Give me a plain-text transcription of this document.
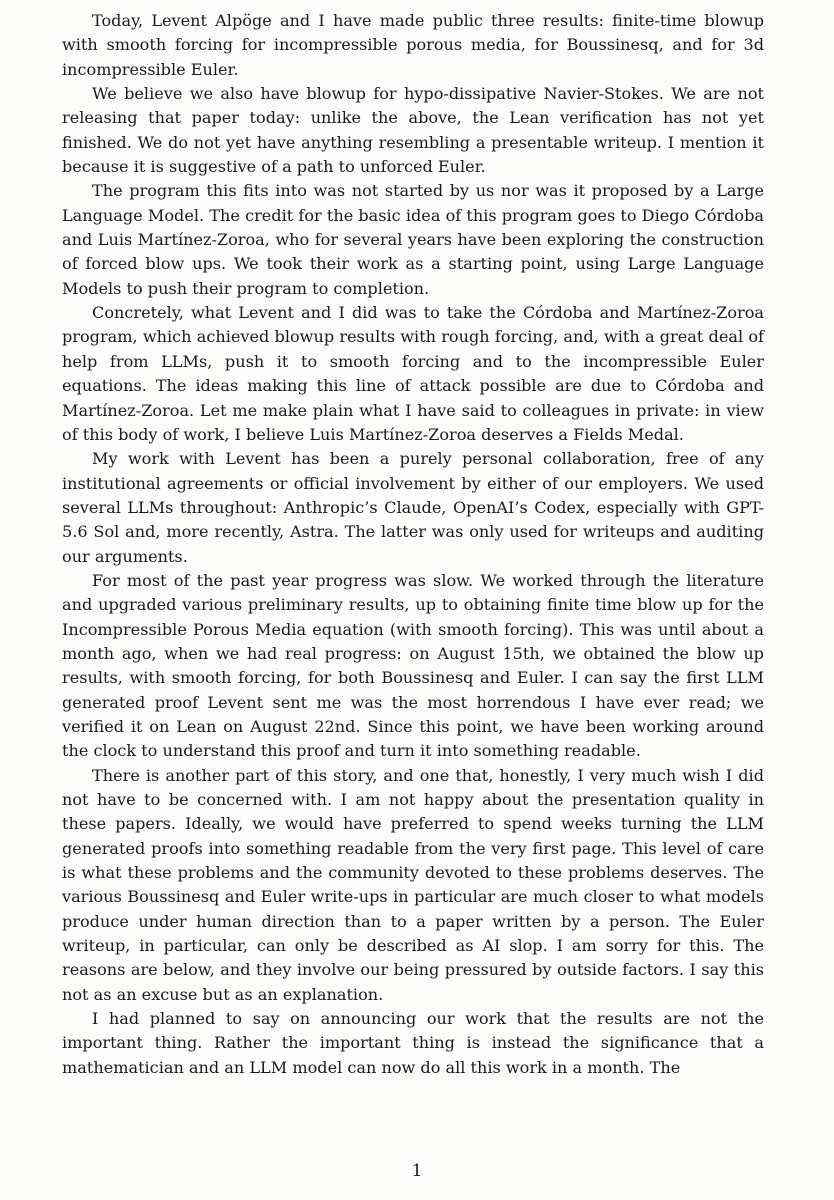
Today, Levent Alpöge and I have made public three results: finite-time blowup with smooth forcing for incompressible porous media, for Boussinesq, and for 3d incompressible Euler.

We believe we also have blowup for hypo-dissipative Navier-Stokes. We are not releasing that paper today: unlike the above, the Lean verification has not yet finished. We do not yet have anything resembling a presentable writeup. I mention it because it is suggestive of a path to unforced Euler.

The program this fits into was not started by us nor was it proposed by a Large Language Model. The credit for the basic idea of this program goes to Diego Córdoba and Luis Martínez-Zoroa, who for several years have been exploring the construction of forced blow ups. We took their work as a starting point, using Large Language Models to push their program to completion.

Concretely, what Levent and I did was to take the Córdoba and Martínez-Zoroa program, which achieved blowup results with rough forcing, and, with a great deal of help from LLMs, push it to smooth forcing and to the incompressible Euler equations. The ideas making this line of attack possible are due to Córdoba and Martínez-Zoroa. Let me make plain what I have said to colleagues in private: in view of this body of work, I believe Luis Martínez-Zoroa deserves a Fields Medal.

My work with Levent has been a purely personal collaboration, free of any institutional agreements or official involvement by either of our employers. We used several LLMs throughout: Anthropic’s Claude, OpenAI’s Codex, especially with GPT-5.6 Sol and, more recently, Astra. The latter was only used for writeups and auditing our arguments.

For most of the past year progress was slow. We worked through the literature and upgraded various preliminary results, up to obtaining finite time blow up for the Incompressible Porous Media equation (with smooth forcing). This was until about a month ago, when we had real progress: on August 15th, we obtained the blow up results, with smooth forcing, for both Boussinesq and Euler. I can say the first LLM generated proof Levent sent me was the most horrendous I have ever read; we verified it on Lean on August 22nd. Since this point, we have been working around the clock to understand this proof and turn it into something readable.

There is another part of this story, and one that, honestly, I very much wish I did not have to be concerned with. I am not happy about the presentation quality in these papers. Ideally, we would have preferred to spend weeks turning the LLM generated proofs into something readable from the very first page. This level of care is what these problems and the community devoted to these problems deserves. The various Boussinesq and Euler write-ups in particular are much closer to what models produce under human direction than to a paper written by a person. The Euler writeup, in particular, can only be described as AI slop. I am sorry for this. The reasons are below, and they involve our being pressured by outside factors. I say this not as an excuse but as an explanation.

I had planned to say on announcing our work that the results are not the important thing. Rather the important thing is instead the significance that a mathematician and an LLM model can now do all this work in a month. The

1
